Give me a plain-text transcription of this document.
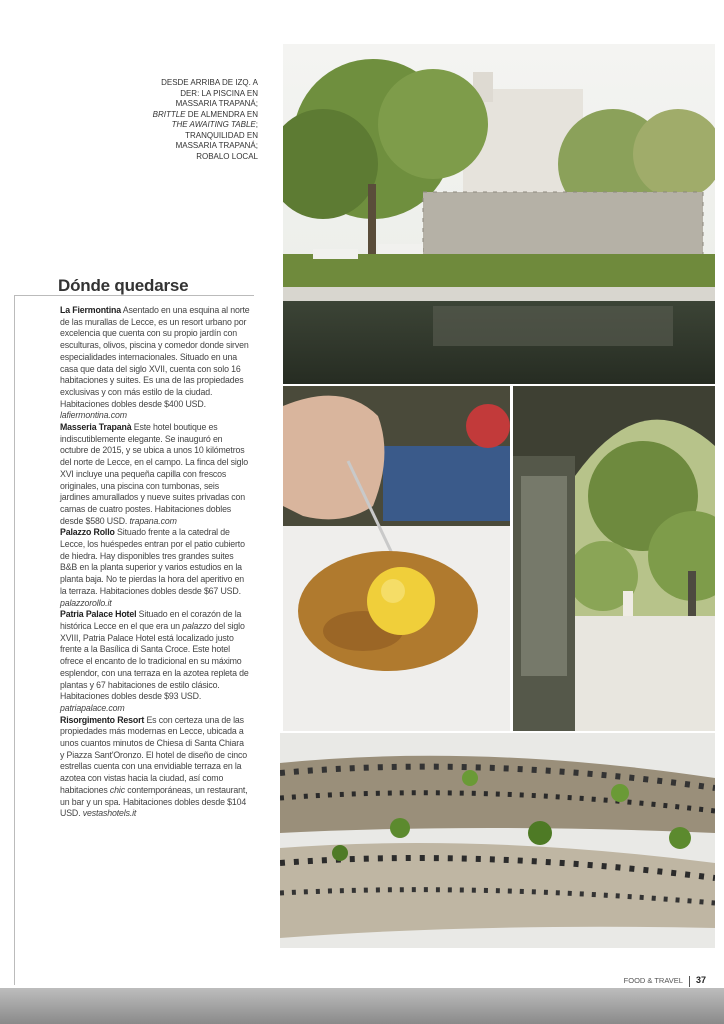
DESDE ARRIBA DE IZQ. A DER: LA PISCINA EN MASSARIA TRAPANÁ; BRITTLE DE ALMENDRA EN THE AWAITING TABLE; TRANQUILIDAD EN MASSARIA TRAPANÁ; ROBALO LOCAL
Dónde quedarse

La Fiermontina Asentado en una esquina al norte de las murallas de Lecce, es un resort urbano por excelencia que cuenta con su propio jardín con esculturas, olivos, piscina y comedor donde sirven especialidades internacionales. Situado en una casa que data del siglo XVII, cuenta con solo 16 habitaciones y suites. Es una de las propiedades exclusivas y con más estilo de la ciudad. Habitaciones dobles desde $400 USD. lafiermontina.com

Masseria Trapanà Este hotel boutique es indiscutiblemente elegante. Se inauguró en octubre de 2015, y se ubica a unos 10 kilómetros del norte de Lecce, en el campo. La finca del siglo XVI incluye una pequeña capilla con frescos originales, una piscina con tumbonas, seis jardines amurallados y nueve suites privadas con camas de cuatro postes. Habitaciones dobles desde $580 USD. trapana.com

Palazzo Rollo Situado frente a la catedral de Lecce, los huéspedes entran por el patio cubierto de hiedra. Hay disponibles tres grandes suites B&B en la planta superior y varios estudios en la planta baja. No te pierdas la hora del aperitivo en la terraza. Habitaciones dobles desde $67 USD. palazzorollo.it

Patria Palace Hotel Situado en el corazón de la histórica Lecce en el que era un palazzo del siglo XVIII, Patria Palace Hotel está localizado justo frente a la Basílica di Santa Croce. Este hotel ofrece el encanto de lo tradicional en su máximo esplendor, con una terraza en la azotea repleta de plantas y 67 habitaciones de estilo clásico. Habitaciones dobles desde $93 USD. patriapalace.com

Risorgimento Resort Es con certeza una de las propiedades más modernas en Lecce, ubicada a unos cuantos minutos de Chiesa di Santa Chiara y Piazza Sant'Oronzo. El hotel de diseño de cinco estrellas cuenta con una envidiable terraza en la azotea con vistas hacia la ciudad, así como habitaciones chic contemporáneas, un restaurant, un bar y un spa. Habitaciones dobles desde $104 USD. vestashotels.it

FOOD & TRAVEL 37
